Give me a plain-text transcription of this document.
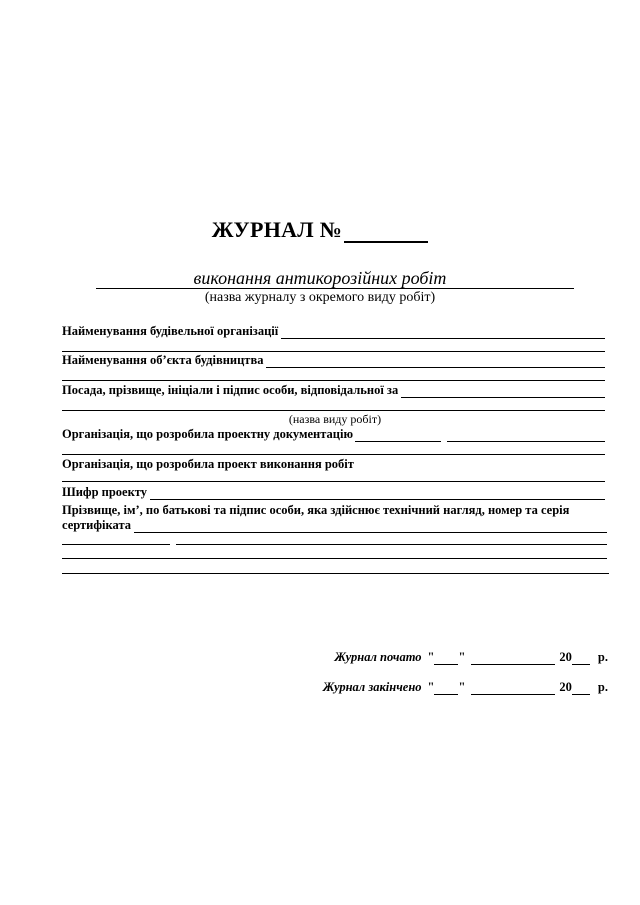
ЖУРНАЛ №
виконання антикорозійних робіт
(назва журналу з окремого виду робіт)
Найменування будівельної організації
Найменування об’єкта будівництва
Посада, прізвище, ініціали і підпис особи, відповідальної за
(назва виду робіт)
Організація, що розробила проектну документацію
Організація, що розробила проект виконання робіт
Шифр проекту
Прізвище, ім’, по батькові та підпис особи, яка здійснює технічний нагляд, номер та серія
сертифіката
Журнал почато " "	20 р.
Журнал закінчено " "	20 р.
